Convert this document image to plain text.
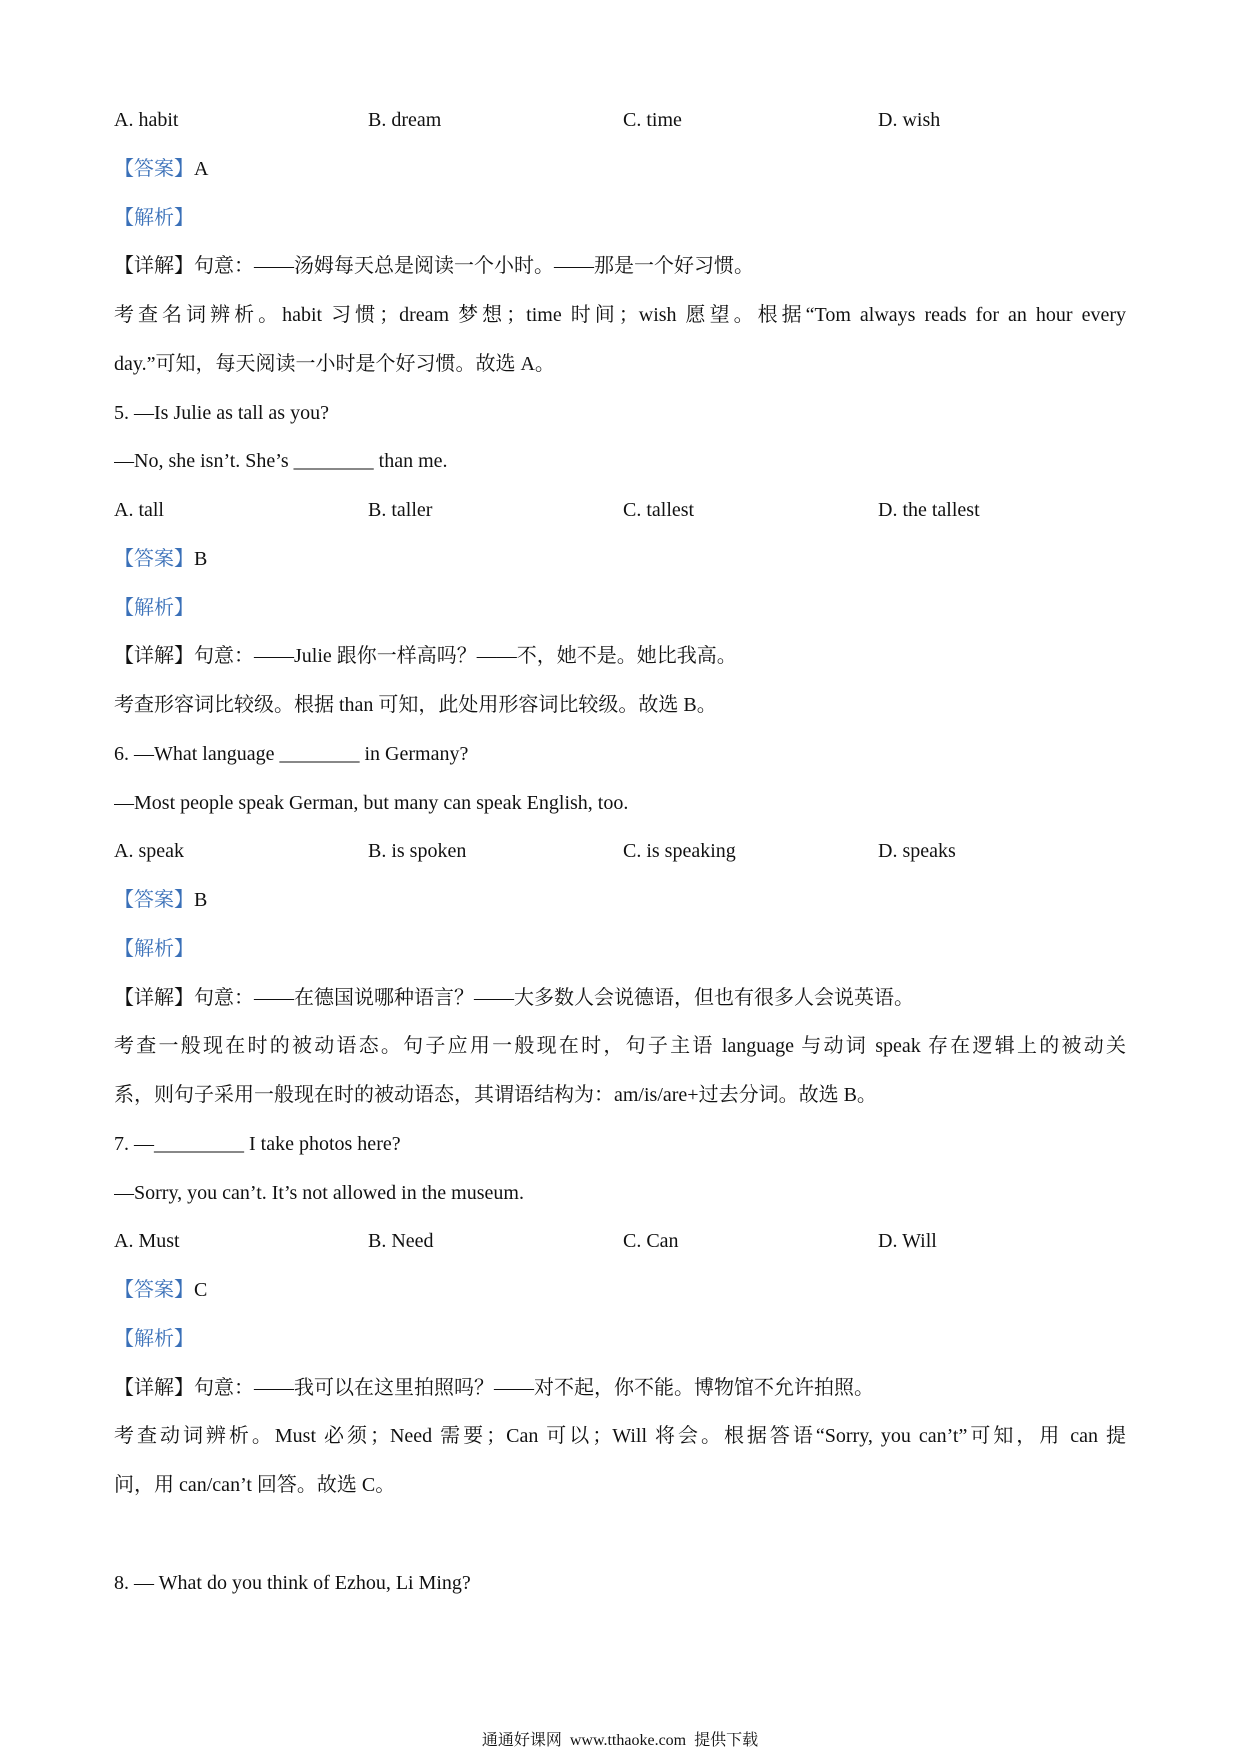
A. habit	B. dream	C. time	D. wish
【答案】A
【解析】
【详解】句意：——汤姆每天总是阅读一个小时。——那是一个好习惯。
考查名词辨析。habit 习惯；dream 梦想；time 时间；wish 愿望。根据“Tom always reads for an hour every
day.”可知，每天阅读一小时是个好习惯。故选 A。
5. —Is Julie as tall as you?
—No, she isn’t. She’s ________ than me.
A. tall	B. taller	C. tallest	D. the tallest
【答案】B
【解析】
【详解】句意：——Julie 跟你一样高吗？——不，她不是。她比我高。
考查形容词比较级。根据 than 可知，此处用形容词比较级。故选 B。
6. —What language ________ in Germany?
—Most people speak German, but many can speak English, too.
A. speak	B. is spoken	C. is speaking	D. speaks
【答案】B
【解析】
【详解】句意：——在德国说哪种语言？——大多数人会说德语，但也有很多人会说英语。
考查一般现在时的被动语态。句子应用一般现在时，句子主语 language 与动词 speak 存在逻辑上的被动关
系，则句子采用一般现在时的被动语态，其谓语结构为：am/is/are+过去分词。故选 B。
7. —_________ I take photos here?
—Sorry, you can’t. It’s not allowed in the museum.
A. Must	B. Need	C. Can	D. Will
【答案】C
【解析】
【详解】句意：——我可以在这里拍照吗？——对不起，你不能。博物馆不允许拍照。
考查动词辨析。Must 必须；Need 需要；Can 可以；Will 将会。根据答语“Sorry, you can’t”可知，用 can 提
问，用 can/can’t 回答。故选 C。
8. — What do you think of Ezhou, Li Ming?
通通好课网  www.tthaoke.com  提供下载
